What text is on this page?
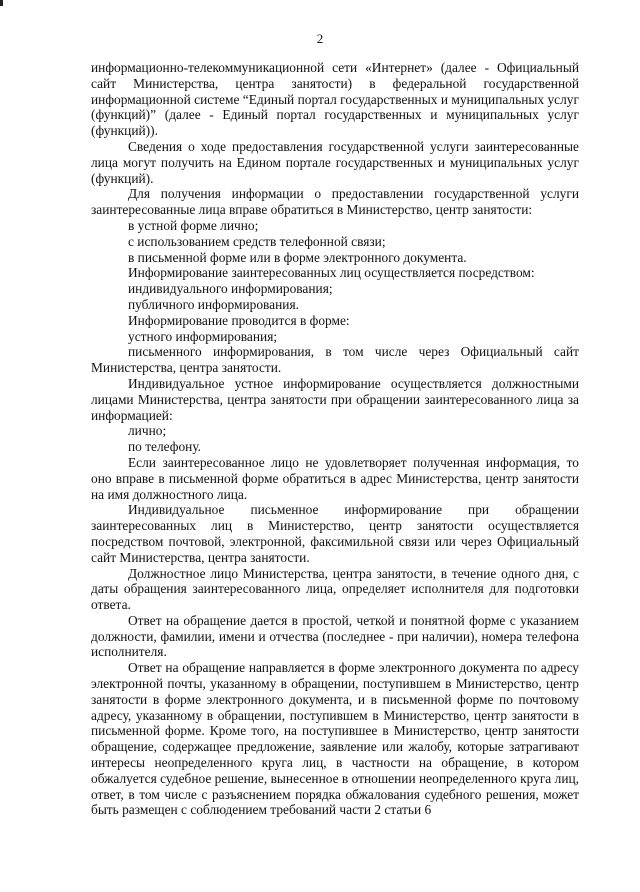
2

информационно-телекоммуникационной сети «Интернет» (далее - Официальный сайт Министерства, центра занятости) в федеральной государственной информационной системе “Единый портал государственных и муниципальных услуг (функций)” (далее - Единый портал государственных и муниципальных услуг (функций)).

Сведения о ходе предоставления государственной услуги заинтересованные лица могут получить на Едином портале государственных и муниципальных услуг (функций).

Для получения информации о предоставлении государственной услуги заинтересованные лица вправе обратиться в Министерство, центр занятости:

в устной форме лично;

с использованием средств телефонной связи;

в письменной форме или в форме электронного документа.

Информирование заинтересованных лиц осуществляется посредством:

индивидуального информирования;

публичного информирования.

Информирование проводится в форме:

устного информирования;

письменного информирования, в том числе через Официальный сайт Министерства, центра занятости.

Индивидуальное устное информирование осуществляется должностными лицами Министерства, центра занятости при обращении заинтересованного лица за информацией:

лично;

по телефону.

Если заинтересованное лицо не удовлетворяет полученная информация, то оно вправе в письменной форме обратиться в адрес Министерства, центр занятости на имя должностного лица.

Индивидуальное письменное информирование при обращении заинтересованных лиц в Министерство, центр занятости осуществляется посредством почтовой, электронной, факсимильной связи или через Официальный сайт Министерства, центра занятости.

Должностное лицо Министерства, центра занятости, в течение одного дня, с даты обращения заинтересованного лица, определяет исполнителя для подготовки ответа.

Ответ на обращение дается в простой, четкой и понятной форме с указанием должности, фамилии, имени и отчества (последнее - при наличии), номера телефона исполнителя.

Ответ на обращение направляется в форме электронного документа по адресу электронной почты, указанному в обращении, поступившем в Министерство, центр занятости в форме электронного документа, и в письменной форме по почтовому адресу, указанному в обращении, поступившем в Министерство, центр занятости в письменной форме. Кроме того, на поступившее в Министерство, центр занятости обращение, содержащее предложение, заявление или жалобу, которые затрагивают интересы неопределенного круга лиц, в частности на обращение, в котором обжалуется судебное решение, вынесенное в отношении неопределенного круга лиц, ответ, в том числе с разъяснением порядка обжалования судебного решения, может быть размещен с соблюдением требований части 2 статьи 6
